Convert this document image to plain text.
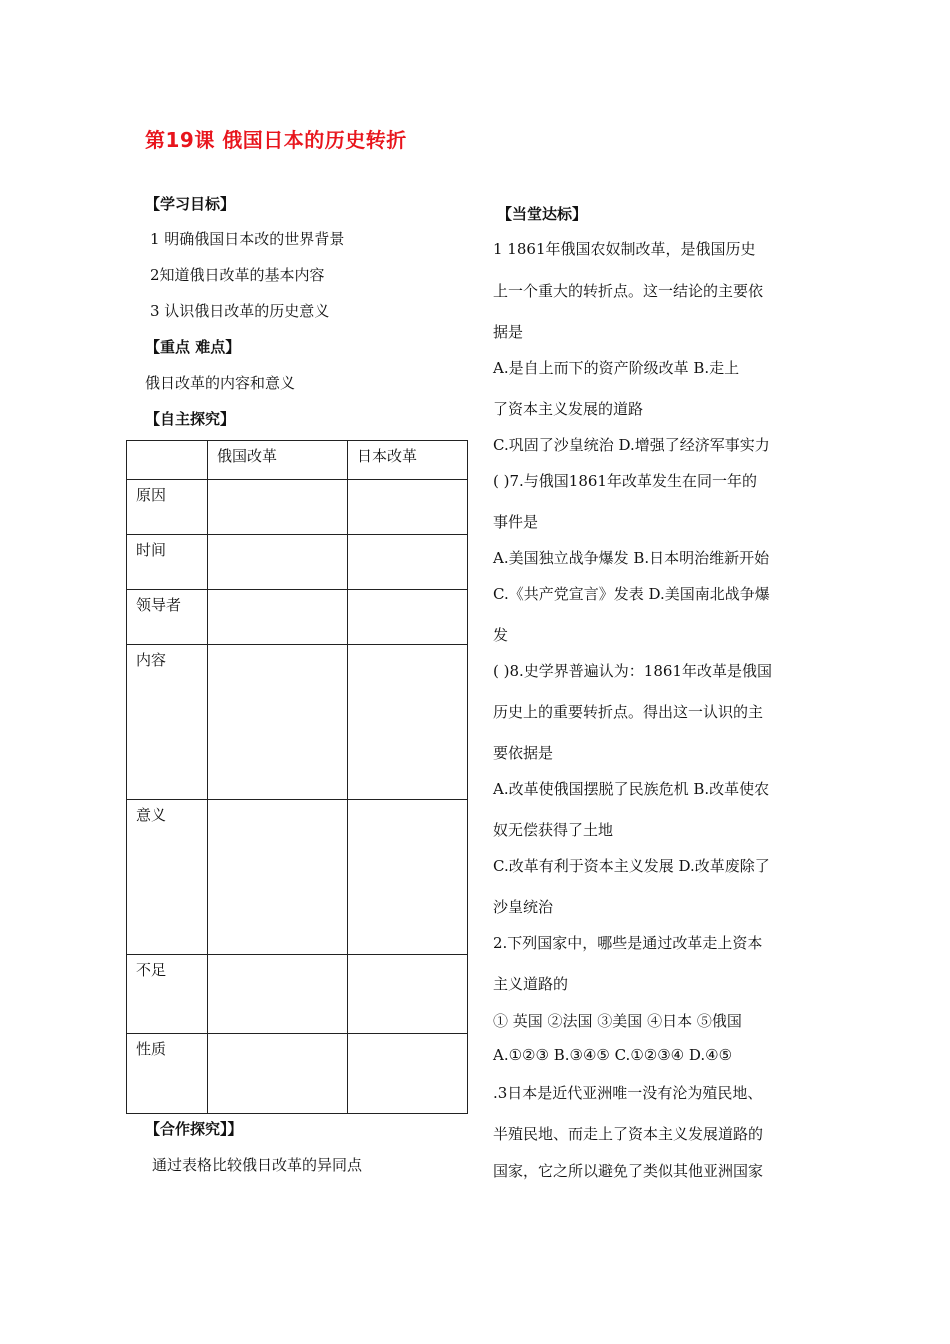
第19课 俄国日本的历史转折
【学习目标】
1 明确俄国日本改的世界背景
2知道俄日改革的基本内容
3 认识俄日改革的历史意义
【重点 难点】
俄日改革的内容和意义
【自主探究】
	俄国改革	日本改革
原因		
时间		
领导者		
内容		
意义		
不足		
性质		
【合作探究】】
通过表格比较俄日改革的异同点
【当堂达标】
1 1861年俄国农奴制改革，是俄国历史
上一个重大的转折点。这一结论的主要依
据是
A.是自上而下的资产阶级改革 B.走上
了资本主义发展的道路
C.巩固了沙皇统治 D.增强了经济军事实力
( )7.与俄国1861年改革发生在同一年的
事件是
A.美国独立战争爆发 B.日本明治维新开始
C.《共产党宣言》发表 D.美国南北战争爆
发
( )8.史学界普遍认为：1861年改革是俄国
历史上的重要转折点。得出这一认识的主
要依据是
A.改革使俄国摆脱了民族危机 B.改革使农
奴无偿获得了土地
C.改革有利于资本主义发展 D.改革废除了
沙皇统治
2.下列国家中，哪些是通过改革走上资本
主义道路的
① 英国 ②法国 ③美国 ④日本 ⑤俄国
A.①②③ B.③④⑤ C.①②③④ D.④⑤
.3日本是近代亚洲唯一没有沦为殖民地、
半殖民地、而走上了资本主义发展道路的
国家，它之所以避免了类似其他亚洲国家
